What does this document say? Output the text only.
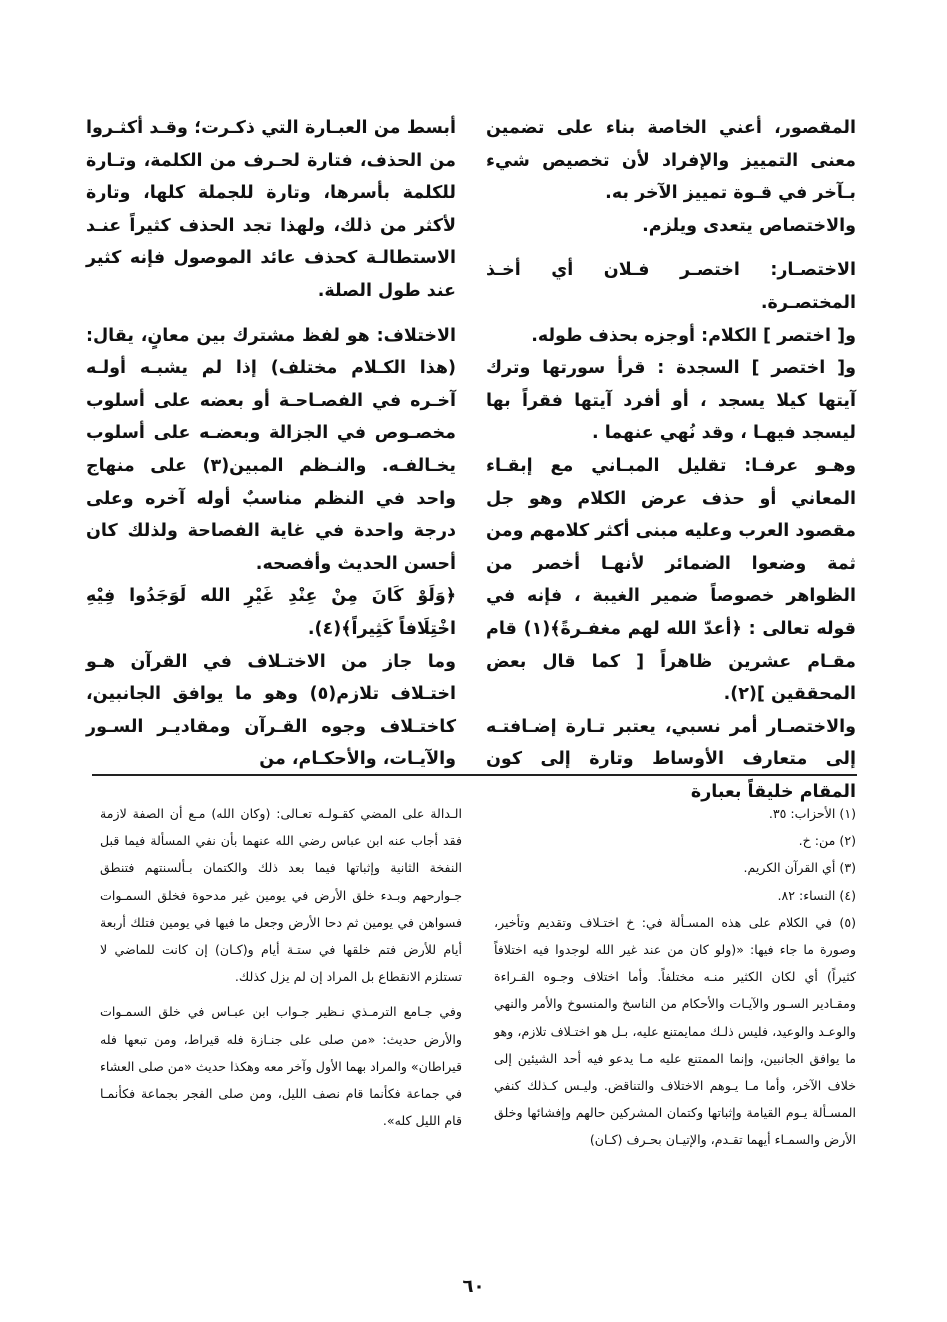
المقصور، أعني الخاصة بناء على تضمين معنى التمييز والإفراد لأن تخصيص شيء بـآخر في قـوة تمييز الآخر به.

والاختصاص يتعدى ويلزم.

الاختصـار: اختصـر فـلان أي أخـذ المختصـرة.

و[ اختصر ] الكلام: أوجزه بحذف طوله.

و[ اختصر ] السجدة : قرأ سورتها وترك آيتها كيلا يسجد ، أو أفرد آيتها فقراً بها ليسجد فيهـا ، وقد نُهي عنهما .

وهـو عرفـا: تقليل المبـاني مع إبقـاء المعاني أو حذف عرض الكلام وهو جل مقصود العرب وعليه مبنى أكثر كلامهم ومن ثمة وضعوا الضمائر لأنهـا أخصر من الظواهر خصوصاً ضمير الغيبة ، فإنه في قوله تعالى : ﴿أعدّ الله لهم مغفـرةً﴾(١) قام مقـام عشرين ظاهراً [ كما قال بعض المحققين ](٢).

والاختصـار أمر نسبي، يعتبر تـارة إضـافتـه إلى متعارف الأوساط وتارة إلى كون المقام خليقاً بعبارة

أبسط من العبـارة التي ذكـرت؛ وقـد أكثـروا من الحذف، فتارة لحـرف من الكلمة، وتـارة للكلمة بأسرها، وتارة للجملة كلها، وتارة لأكثر من ذلك، ولهذا تجد الحذف كثيراً عنـد الاستطالـة كحذف عائد الموصول فإنه كثير عند طول الصلة.

الاختلاف: هو لفظ مشترك بين معانٍ، يقال: (هذا الكـلام مختلف) إذا لم يشبـه أولـه آخـره في الفصـاحـة أو بعضه على أسلوب مخصـوص في الجزالة وبعضـه على أسلوب يخـالفـه. والنـظم المبين(٣) على منهاج واحد في النظم مناسبٌ أوله آخره وعلى درجة واحدة في غاية الفصاحة ولذلك كان أحسن الحديث وأفصحه.

﴿وَلَوْ كَانَ مِنْ عِنْدِ غَيْرِ الله لَوَجَدُوا فِيْهِ اخْتِلَافاً كَثِيراً﴾(٤).

وما جاز من الاختـلاف في القرآن هـو اختـلاف تلازم(٥) وهو ما يوافق الجانبين، كاختـلاف وجوه القـرآن ومقاديـر السـور والآيـات، والأحكـام، من

(١) الأحزاب: ٣٥.

(٢) من: خ.

(٣) أي القرآن الكريم.

(٤) النساء: ٨٢.

(٥) في الكلام على هذه المسـألة في: خ اختـلاف وتقديم وتأخير، وصورة ما جاء فيها: «(ولو كان من عند غير الله لوجدوا فيه اختلافاً كثيراً) أي لكان الكثير منـه مختلفاً. وأما اختلاف وجـوه القـراءة ومقـادير السـور والآيـات والأحكام من الناسخ والمنسوخ والأمر والنهي والوعـد والوعيد، فليس ذلـك ممايمتنع عليه، بـل هو اختـلاف تلازم، وهو ما يوافق الجانبين، وإنما الممتنع عليه مـا يدعو فيه أحد الشيئين إلى خلاف الآخر، وأما مـا يـوهم الاختلاف والتناقض. وليـس كـذلك كنفي المسـألة يـوم القيامة وإثباتها وكتمان المشركين حالهم وإفشائها وخلق الأرض والسمـاء أيهما تقـدم، والإتيـان بحـرف (كـان)

الـدالة على المضي كقـولـه تعـالى: (وكان الله) مـع أن الصفة لازمة فقد أجاب عنه ابن عباس رضي الله عنهما بأن نفي المسألة فيما قبل النفخة الثانية وإثباتها فيما بعد ذلك والكتمان بـألسنتهم فتنطق جـوارحهم وبـدء خلق الأرض في يومين غير مدحوة فخلق السمـوات فسواهن في يومين ثم دحا الأرض وجعل ما فيها في يومين فتلك أربعة أيام للأرض فتم خلقها في ستـة أيام و(كـان) إن كانت للماضي لا تستلزم الانقطاع بل المراد إن لم يزل كذلك.

وفي جـامع الترمـذي نـظير جـواب ابن عبـاس في خلق السمـوات والأرض حديث: «من صلى على جنـازة فله قيراط، ومن تبعها فله قيراطان» والمراد بهما الأول وآخر معه وهكذا حديث «من صلى العشاء في جماعة فكأنما قام نصف الليل، ومن صلى الفجر بجماعة فكأنمـا قام الليل كله».

٦٠
